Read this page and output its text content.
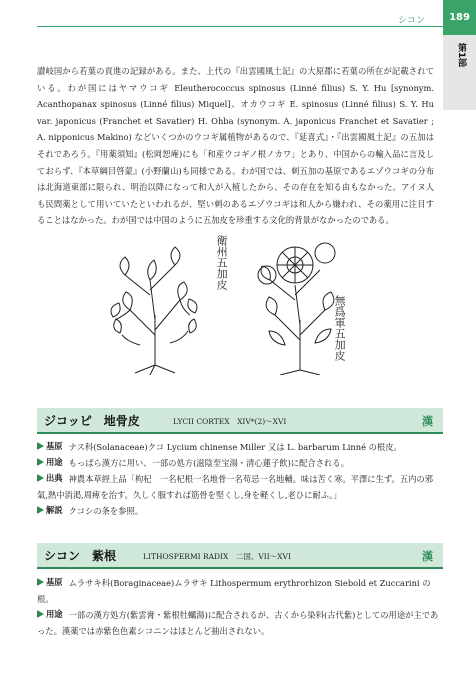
シコン	189
第1部

讃岐国から若葉の貢進の記録がある。また、上代の『出雲國風土記』の大原郡に若葉の所在が記載されている。わが国にはヤマウコギ Eleutherococcus spinosus (Linné filius) S. Y. Hu [synonym. Acanthopanax spinosus (Linné filius) Miquel]、オカウコギ E. spinosus (Linné filius) S. Y. Hu var. japonicus (Franchet et Savatier) H. Ohba (synonym. A. japonicus Franchet et Savatier ; A. nipponicus Makino) などいくつかのウコギ属植物があるので、『延喜式』・『出雲國風土記』の五加はそれであろう。『用薬須知』(松岡恕庵)にも「和産ウコギノ根ノカワ」とあり、中国からの輸入品に言及しておらず、『本草綱目啓蒙』(小野蘭山)も同様である。わが国では、刺五加の基原であるエゾウコギの分布は北海道東部に限られ、明治以降になって和人が入植したから、その存在を知る由もなかった。アイヌ人も民間薬として用いていたといわれるが、堅い刺のあるエゾウコギは和人から嫌われ、その薬用に注目することはなかった。わが国では中国のように五加皮を珍重する文化的背景がなかったのである。

衛州五加皮
無爲軍五加皮
ジコッピ　地骨皮	LYCII CORTEX　XIV*(2)〜XVI	漢

基原 ナス科(Solanaceae)クコ Lycium chinense Miller 又は L. barbarum Linné の根皮。

用途 もっぱら漢方に用い、一部の処方(滋陰至宝湯・清心蓮子飲)に配合される。

出典 神農本草經上品「枸杞　一名杞根一名地骨一名苟忌一名地輔。味は苦く寒。平澤に生ず。五内の邪氣,熱中消渇,周痺を治す。久しく服すれば筋骨を堅くし,身を軽くし,老ひに耐ふ。」

解説 クコシの条を参照。

シコン　紫根	LITHOSPERMI RADIX　二国、VII〜XVI	漢

基原 ムラサキ科(Boraginaceae)ムラサキ Lithospermum erythrorhizon Siebold et Zuccarini の根。

用途 一部の漢方処方(紫雲膏・紫根牡蠣湯)に配合されるが、古くから染料(古代紫)としての用途が主であった。漢薬では赤紫色色素シコニンはほとんど抽出されない。
